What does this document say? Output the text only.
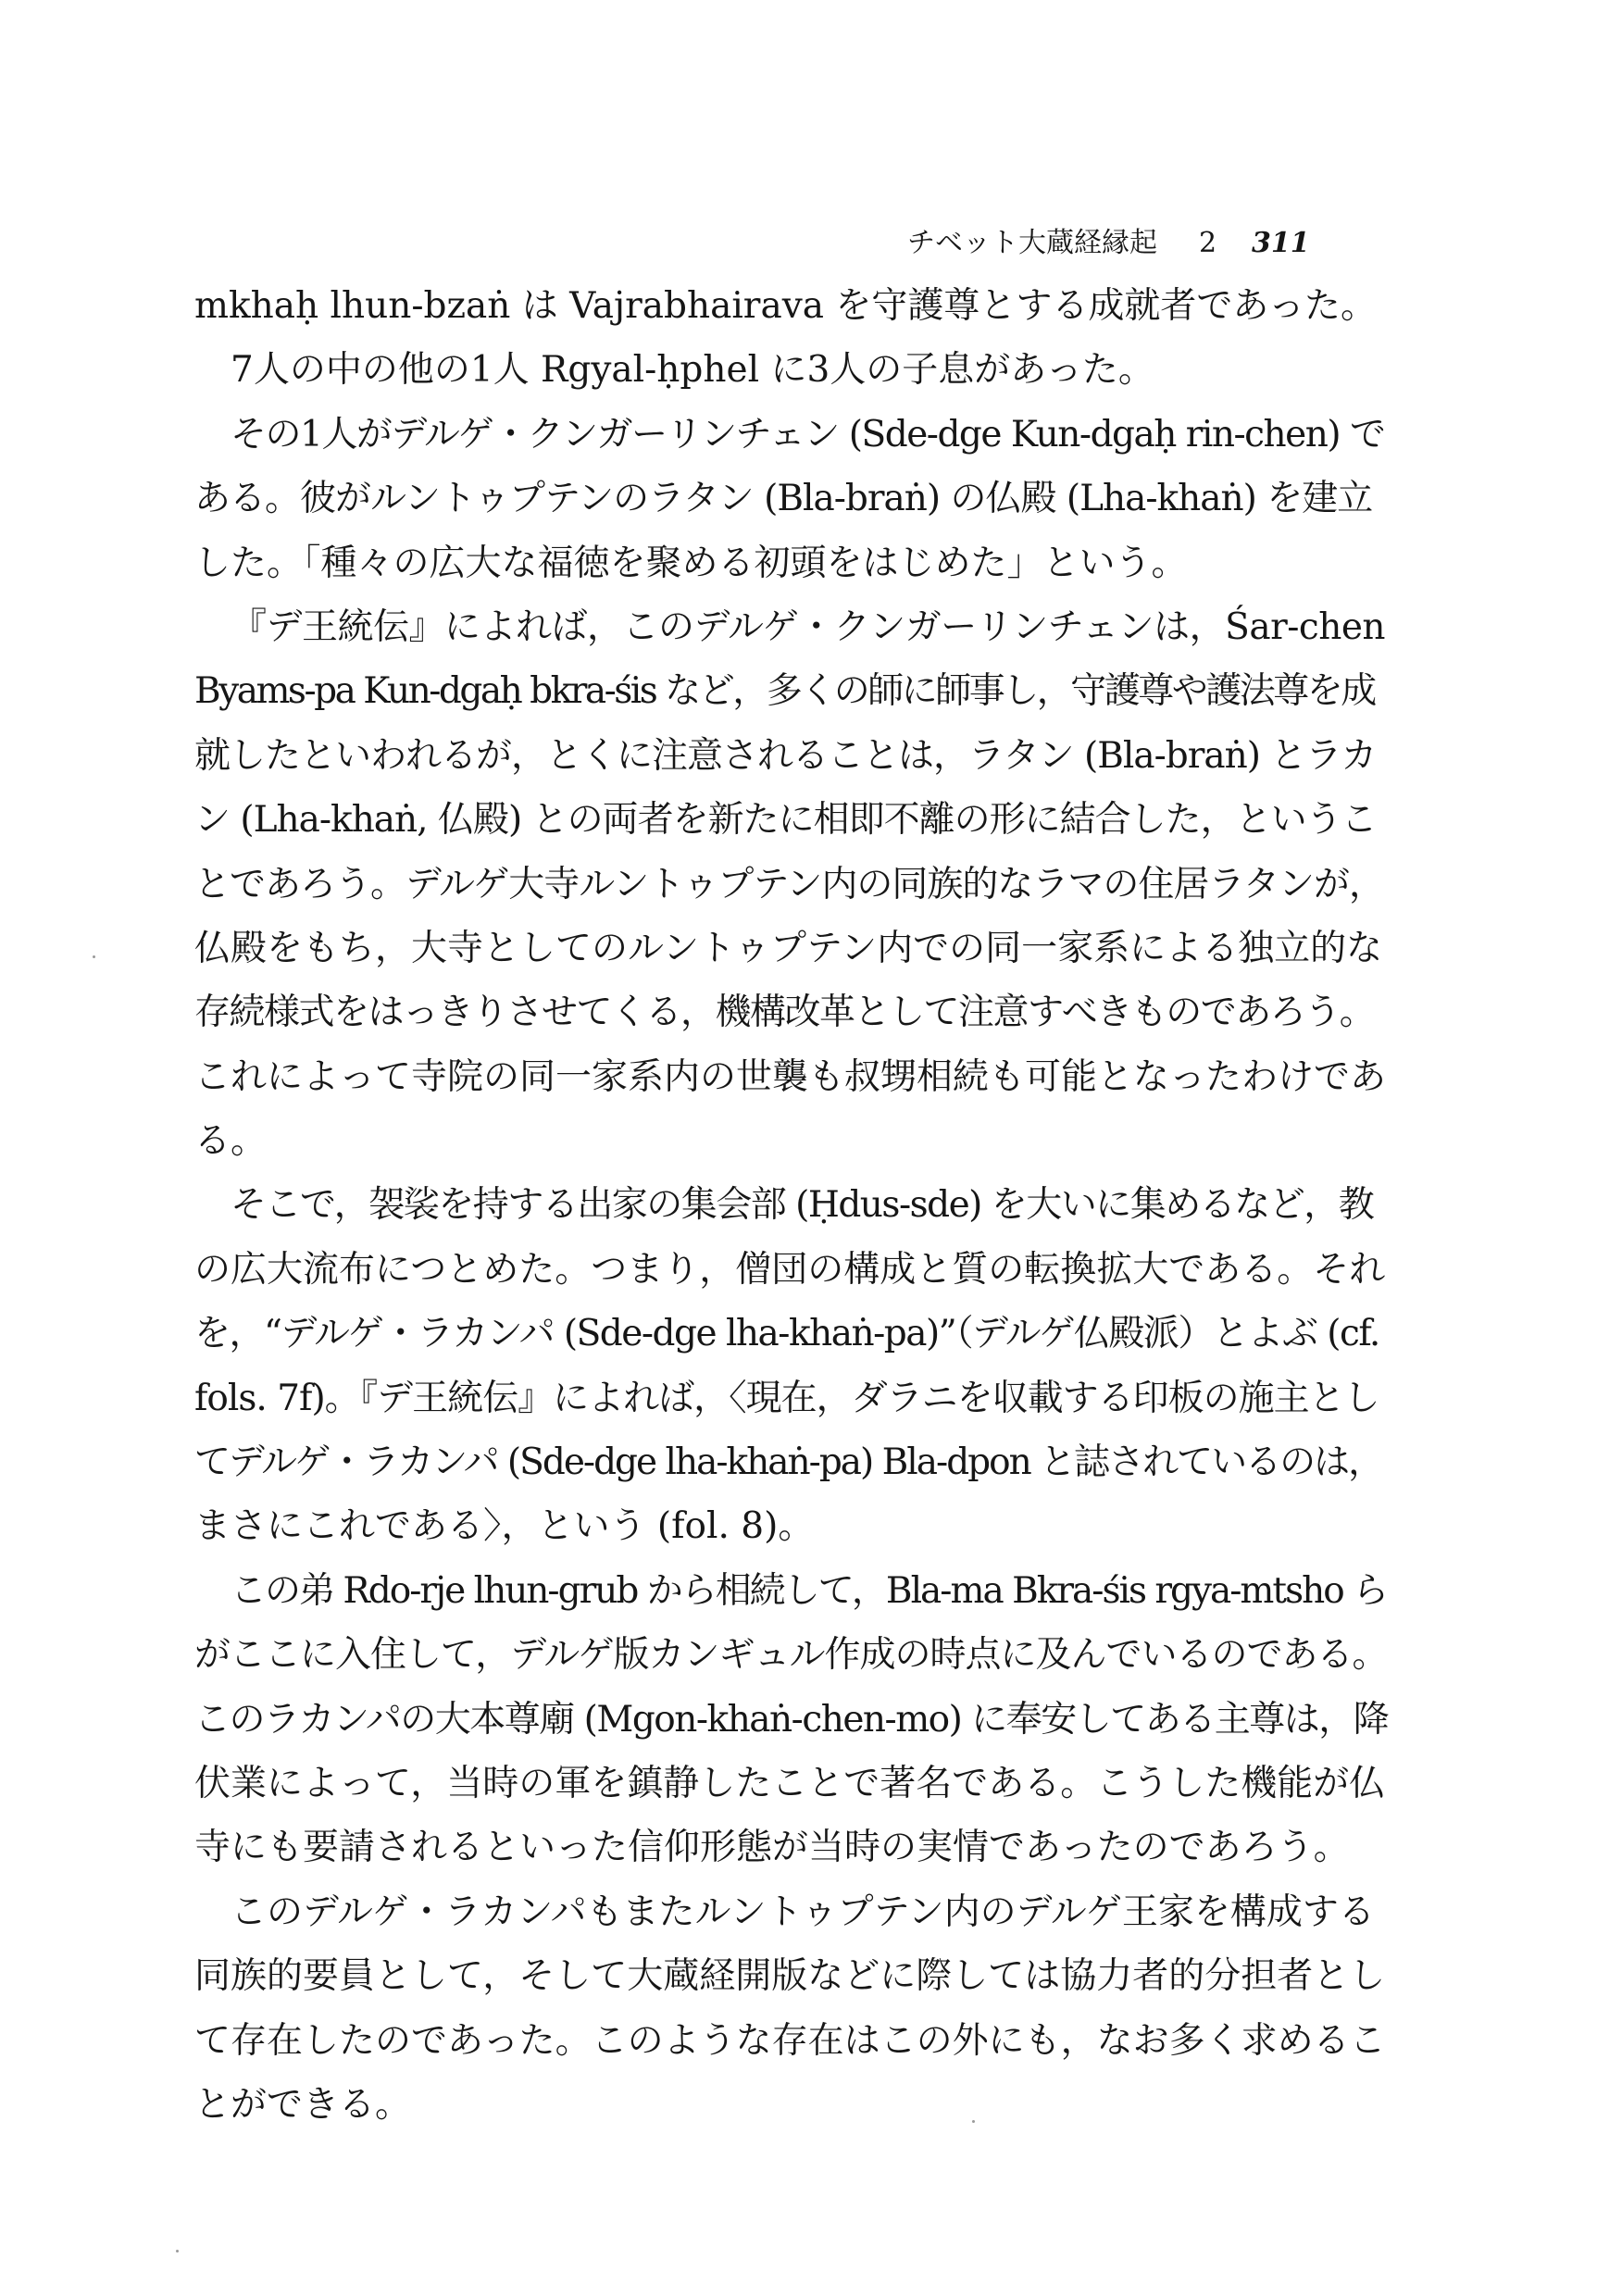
チベット大蔵経縁起 2 311
mkhaḥ lhun-bzaṅ は Vajrabhairava を守護尊とする成就者であった。
7人の中の他の1人 Rgyal-ḥphel に3人の子息があった。
その1人がデルゲ・クンガーリンチェン (Sde-dge Kun-dgaḥ rin-chen) で
ある。彼がルントゥプテンのラタン (Bla-braṅ) の仏殿 (Lha-khaṅ) を建立
した。「種々の広大な福徳を聚める初頭をはじめた」という。
『デ王統伝』によれば，このデルゲ・クンガーリンチェンは，Śar-chen
Byams-pa Kun-dgaḥ bkra-śis など，多くの師に師事し，守護尊や護法尊を成
就したといわれるが，とくに注意されることは，ラタン (Bla-braṅ) とラカ
ン (Lha-khaṅ, 仏殿) との両者を新たに相即不離の形に結合した，というこ
とであろう。デルゲ大寺ルントゥプテン内の同族的なラマの住居ラタンが，
仏殿をもち，大寺としてのルントゥプテン内での同一家系による独立的な
存続様式をはっきりさせてくる，機構改革として注意すべきものであろう。
これによって寺院の同一家系内の世襲も叔甥相続も可能となったわけであ
る。
そこで，袈裟を持する出家の集会部 (Ḥdus-sde) を大いに集めるなど，教
の広大流布につとめた。つまり，僧団の構成と質の転換拡大である。それ
を，“デルゲ・ラカンパ (Sde-dge lha-khaṅ-pa)”（デルゲ仏殿派）とよぶ (cf.
fols. 7f)。『デ王統伝』によれば，〈現在，ダラニを収載する印板の施主とし
てデルゲ・ラカンパ (Sde-dge lha-khaṅ-pa) Bla-dpon と誌されているのは，
まさにこれである〉，という (fol. 8)。
この弟 Rdo-rje lhun-grub から相続して，Bla-ma Bkra-śis rgya-mtsho ら
がここに入住して，デルゲ版カンギュル作成の時点に及んでいるのである。
このラカンパの大本尊廟 (Mgon-khaṅ-chen-mo) に奉安してある主尊は，降
伏業によって，当時の軍を鎮静したことで著名である。こうした機能が仏
寺にも要請されるといった信仰形態が当時の実情であったのであろう。
このデルゲ・ラカンパもまたルントゥプテン内のデルゲ王家を構成する
同族的要員として，そして大蔵経開版などに際しては協力者的分担者とし
て存在したのであった。このような存在はこの外にも，なお多く求めるこ
とができる。
